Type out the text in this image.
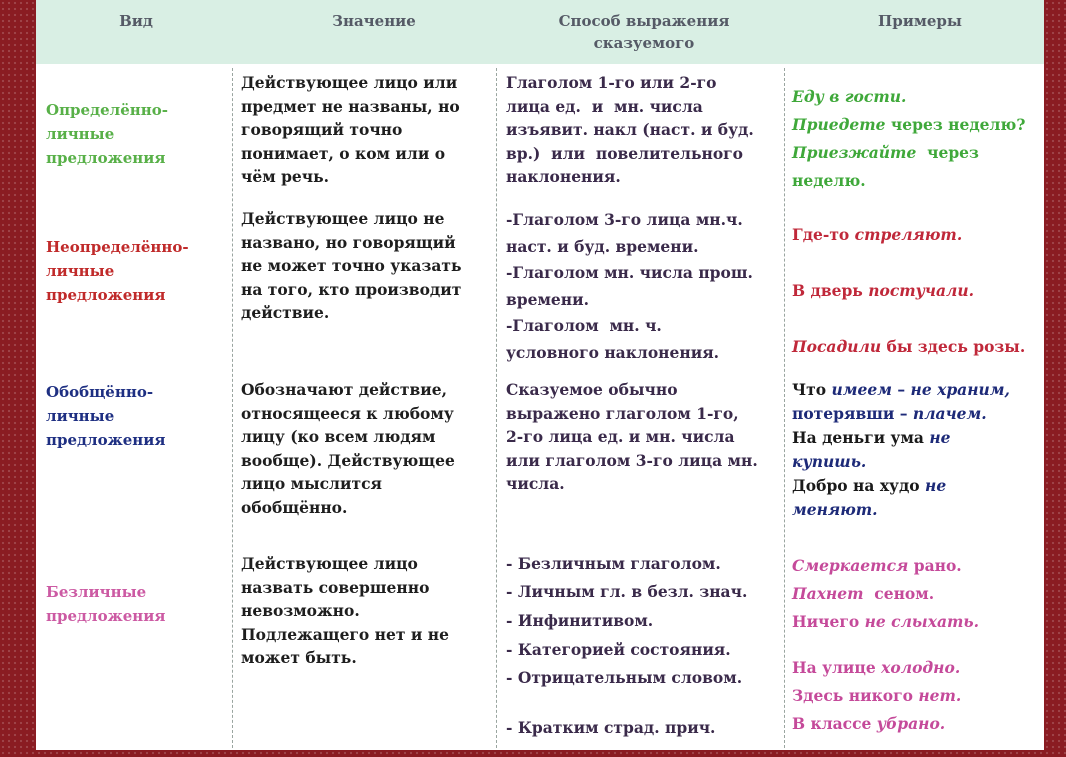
Вид	Значение	Способ выражения
сказуемого
Примеры
Определённо-
личные
предложения
Действующее лицо или
предмет не названы, но
говорящий точно
понимает, о ком или о
чём речь.
Глаголом 1-го или 2-го
лица ед.  и  мн. числа
изъявит. накл (наст. и буд.
вр.)  или  повелительного
наклонения.
Еду в гости.
Приедете через неделю?
Приезжайте  через
неделю.
Неопределённо-
личные
предложения
Действующее лицо не
названо, но говорящий
не может точно указать
на того, кто производит
действие.
-Глаголом 3-го лица мн.ч.
наст. и буд. времени.
-Глаголом мн. числа прош.
времени.
-Глаголом  мн. ч.
условного наклонения.
Где-то стреляют.
В дверь постучали.
Посадили бы здесь розы.
Обобщённо-
личные
предложения
Обозначают действие,
относящееся к любому
лицу (ко всем людям
вообще). Действующее
лицо мыслится
обобщённо.
Сказуемое обычно
выражено глаголом 1-го,
2-го лица ед. и мн. числа
или глаголом 3-го лица мн.
числа.
Что имеем – не храним,
потерявши – плачем.
На деньги ума не
купишь.
Добро на худо не
меняют.
Безличные
предложения
Действующее лицо
назвать совершенно
невозможно.
Подлежащего нет и не
может быть.
- Безличным глаголом.
- Личным гл. в безл. знач.
- Инфинитивом.
- Категорией состояния.
- Отрицательным словом.
- Кратким страд. прич.
Смеркается рано.
Пахнет  сеном.
Ничего не слыхать.
На улице холодно.
Здесь никого нет.
В классе убрано.
